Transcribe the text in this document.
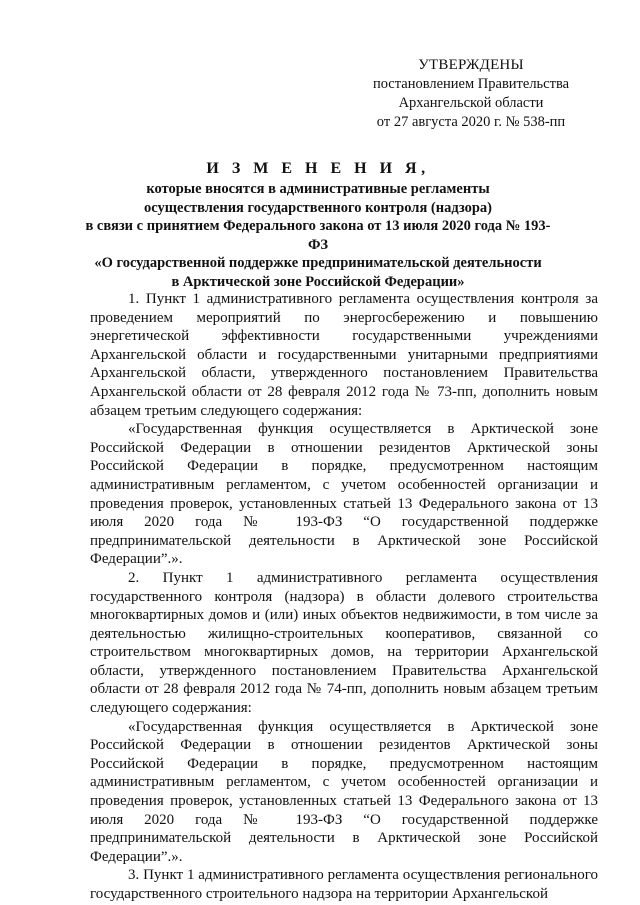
УТВЕРЖДЕНЫ
постановлением Правительства
Архангельской области
от 27 августа 2020 г. № 538-пп
И З М Е Н Е Н И Я,
которые вносятся в административные регламенты
осуществления государственного контроля (надзора)
в связи с принятием Федерального закона от 13 июля 2020 года № 193-ФЗ
«О государственной поддержке предпринимательской деятельности
в Арктической зоне Российской Федерации»

1. Пункт 1 административного регламента осуществления контроля за проведением мероприятий по энергосбережению и повышению энергетической эффективности государственными учреждениями Архангельской области и государственными унитарными предприятиями Архангельской области, утвержденного постановлением Правительства Архангельской области от 28 февраля 2012 года № 73-пп, дополнить новым абзацем третьим следующего содержания:

«Государственная функция осуществляется в Арктической зоне Российской Федерации в отношении резидентов Арктической зоны Российской Федерации в порядке, предусмотренном настоящим административным регламентом, с учетом особенностей организации и проведения проверок, установленных статьей 13 Федерального закона от 13 июля 2020 года № 193-ФЗ “О государственной поддержке предпринимательской деятельности в Арктической зоне Российской Федерации”.».

2. Пункт 1 административного регламента осуществления государственного контроля (надзора) в области долевого строительства многоквартирных домов и (или) иных объектов недвижимости, в том числе за деятельностью жилищно-строительных кооперативов, связанной со строительством многоквартирных домов, на территории Архангельской области, утвержденного постановлением Правительства Архангельской области от 28 февраля 2012 года № 74-пп, дополнить новым абзацем третьим следующего содержания:

«Государственная функция осуществляется в Арктической зоне Российской Федерации в отношении резидентов Арктической зоны Российской Федерации в порядке, предусмотренном настоящим административным регламентом, с учетом особенностей организации и проведения проверок, установленных статьей 13 Федерального закона от 13 июля 2020 года № 193-ФЗ “О государственной поддержке предпринимательской деятельности в Арктической зоне Российской Федерации”.».

3. Пункт 1 административного регламента осуществления регионального государственного строительного надзора на территории Архангельской
